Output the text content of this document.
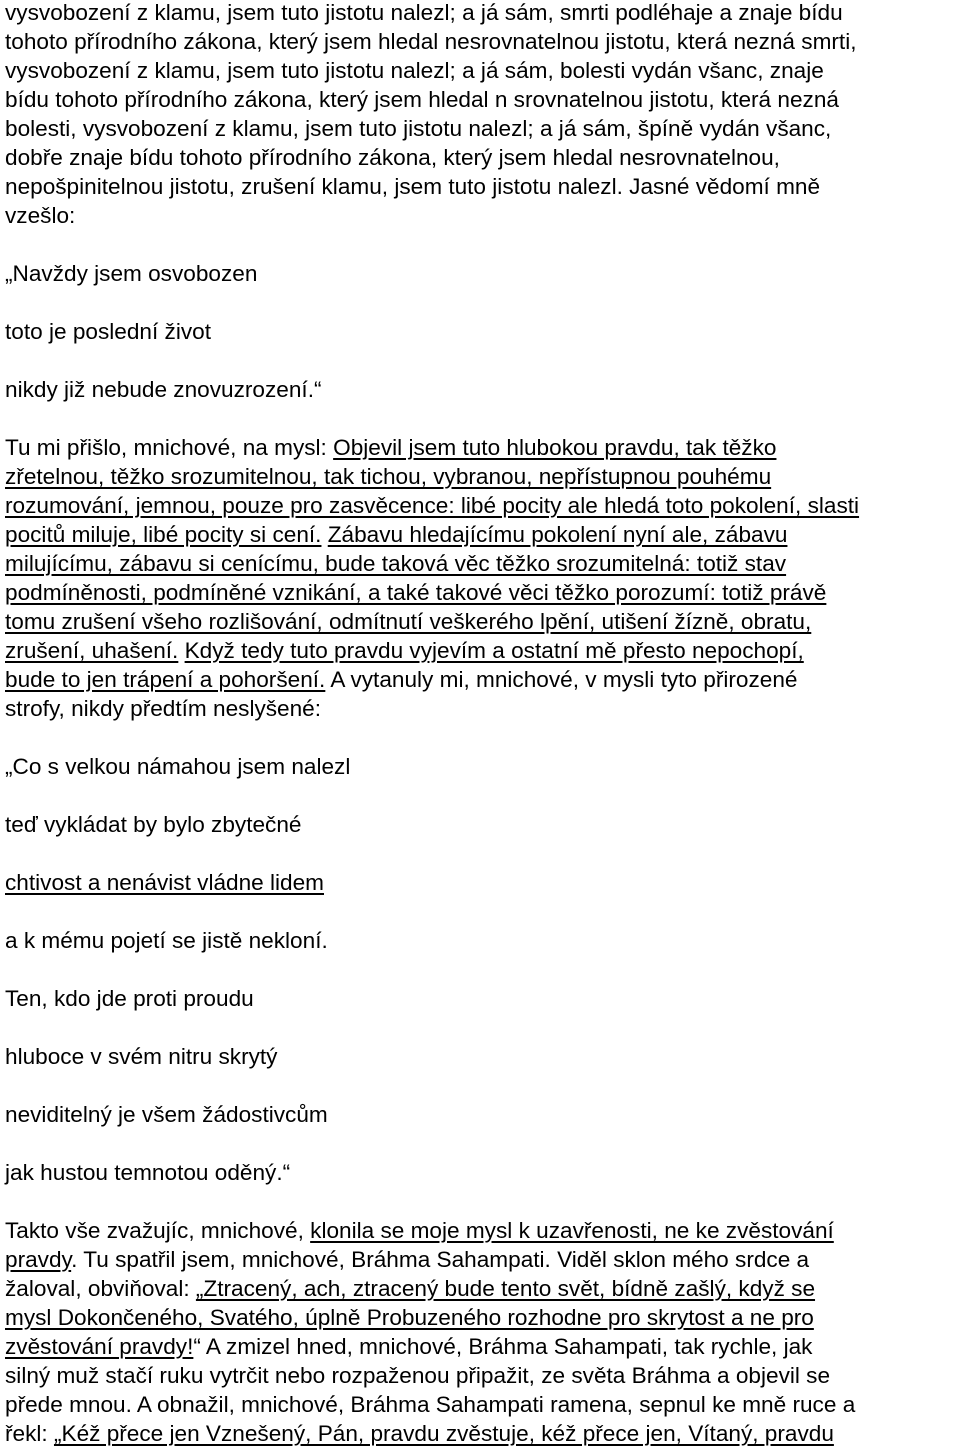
vysvobození z klamu, jsem tuto jistotu nalezl; a já sám, smrti podléhaje a znaje bídu
tohoto přírodního zákona, který jsem hledal nesrovnatelnou jistotu, která nezná smrti,
vysvobození z klamu, jsem tuto jistotu nalezl; a já sám, bolesti vydán všanc, znaje
bídu tohoto přírodního zákona, který jsem hledal n srovnatelnou jistotu, která nezná
bolesti, vysvobození z klamu, jsem tuto jistotu nalezl; a já sám, špíně vydán všanc,
dobře znaje bídu tohoto přírodního zákona, který jsem hledal nesrovnatelnou,
nepošpinitelnou jistotu, zrušení klamu, jsem tuto jistotu nalezl. Jasné vědomí mně
vzešlo:
„Navždy jsem osvobozen
toto je poslední život
nikdy již nebude znovuzrození.“
Tu mi přišlo, mnichové, na mysl: Objevil jsem tuto hlubokou pravdu, tak těžko
zřetelnou, těžko srozumitelnou, tak tichou, vybranou, nepřístupnou pouhému
rozumování, jemnou, pouze pro zasvěcence: libé pocity ale hledá toto pokolení, slasti
pocitů miluje, libé pocity si cení. Zábavu hledajícímu pokolení nyní ale, zábavu
milujícímu, zábavu si cenícímu, bude taková věc těžko srozumitelná: totiž stav
podmíněnosti, podmíněné vznikání, a také takové věci těžko porozumí: totiž právě
tomu zrušení všeho rozlišování, odmítnutí veškerého lpění, utišení žízně, obratu,
zrušení, uhašení. Když tedy tuto pravdu vyjevím a ostatní mě přesto nepochopí,
bude to jen trápení a pohoršení. A vytanuly mi, mnichové, v mysli tyto přirozené
strofy, nikdy předtím neslyšené:
„Co s velkou námahou jsem nalezl
teď vykládat by bylo zbytečné
chtivost a nenávist vládne lidem
a k mému pojetí se jistě nekloní.
Ten, kdo jde proti proudu
hluboce v svém nitru skrytý
neviditelný je všem žádostivcům
jak hustou temnotou oděný.“
Takto vše zvažujíc, mnichové, klonila se moje mysl k uzavřenosti, ne ke zvěstování
pravdy. Tu spatřil jsem, mnichové, Bráhma Sahampati. Viděl sklon mého srdce a
žaloval, obviňoval: „Ztracený, ach, ztracený bude tento svět, bídně zašlý, když se
mysl Dokončeného, Svatého, úplně Probuzeného rozhodne pro skrytost a ne pro
zvěstování pravdy!“ A zmizel hned, mnichové, Bráhma Sahampati, tak rychle, jak
silný muž stačí ruku vytrčit nebo rozpaženou připažit, ze světa Bráhma a objevil se
přede mnou. A obnažil, mnichové, Bráhma Sahampati ramena, sepnul ke mně ruce a
řekl: „Kéž přece jen Vznešený, Pán, pravdu zvěstuje, kéž přece jen, Vítaný, pravdu
